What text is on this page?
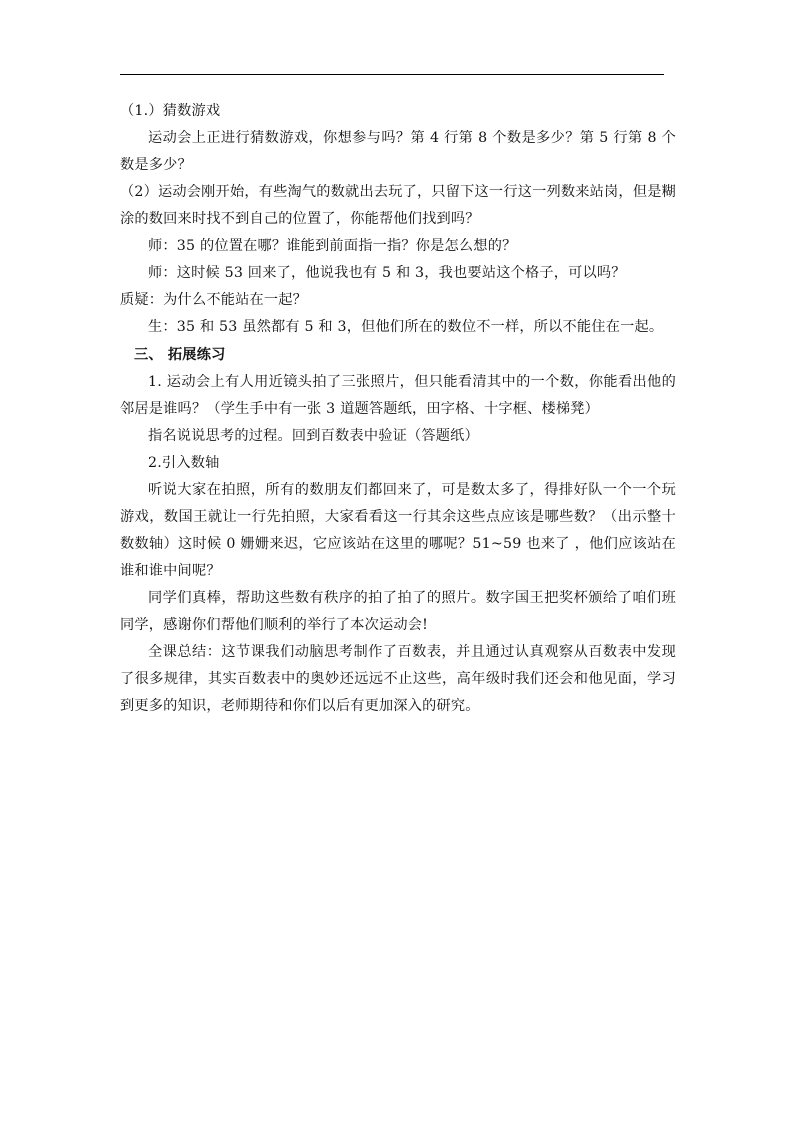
（1.）猜数游戏

运动会上正进行猜数游戏，你想参与吗？第 4 行第 8 个数是多少？第 5 行第 8 个数是多少？

（2）运动会刚开始，有些淘气的数就出去玩了，只留下这一行这一列数来站岗，但是糊涂的数回来时找不到自己的位置了，你能帮他们找到吗？

师：35 的位置在哪？谁能到前面指一指？你是怎么想的？

师：这时候 53 回来了，他说我也有 5 和 3，我也要站这个格子，可以吗？

质疑：为什么不能站在一起？

生：35 和 53 虽然都有 5 和 3，但他们所在的数位不一样，所以不能住在一起。

三、 拓展练习

1. 运动会上有人用近镜头拍了三张照片，但只能看清其中的一个数，你能看出他的邻居是谁吗？（学生手中有一张 3 道题答题纸，田字格、十字框、楼梯凳）

指名说说思考的过程。回到百数表中验证（答题纸）

2.引入数轴

听说大家在拍照，所有的数朋友们都回来了，可是数太多了，得排好队一个一个玩游戏，数国王就让一行先拍照，大家看看这一行其余这些点应该是哪些数？（出示整十数数轴）这时候 0 姗姗来迟，它应该站在这里的哪呢？51~59 也来了 ，他们应该站在谁和谁中间呢？

同学们真棒，帮助这些数有秩序的拍了拍了的照片。数字国王把奖杯颁给了咱们班同学，感谢你们帮他们顺利的举行了本次运动会!

全课总结：这节课我们动脑思考制作了百数表，并且通过认真观察从百数表中发现了很多规律，其实百数表中的奥妙还远远不止这些，高年级时我们还会和他见面，学习到更多的知识，老师期待和你们以后有更加深入的研究。
